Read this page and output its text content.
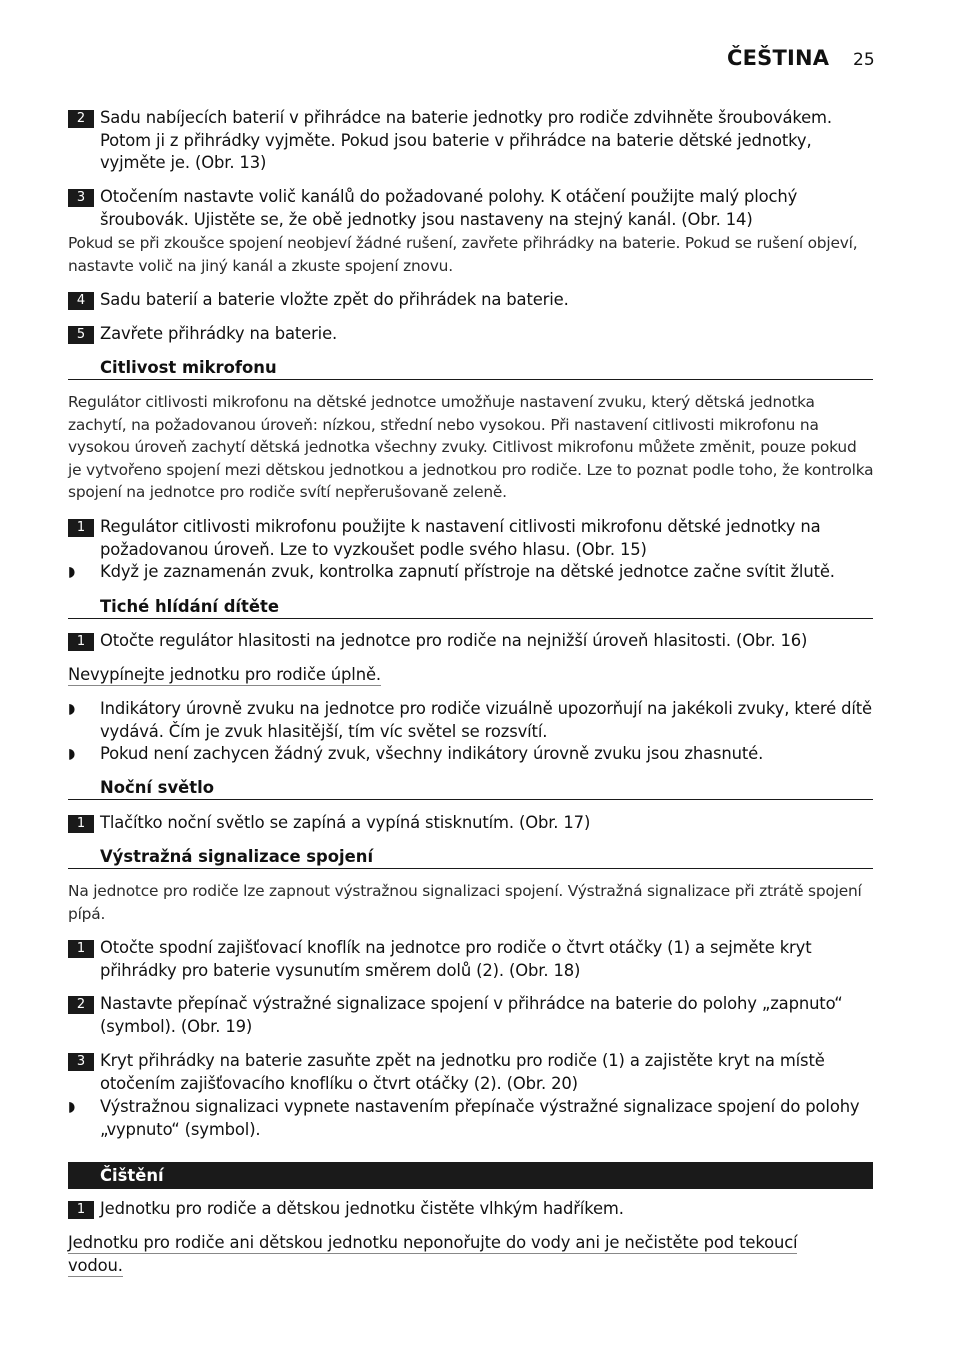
ČEŠTINA 25
2 Sadu nabíjecích baterií v přihrádce na baterie jednotky pro rodiče zdvihněte šroubovákem. Potom ji z přihrádky vyjměte. Pokud jsou baterie v přihrádce na baterie dětské jednotky, vyjměte je. (Obr. 13)
3 Otočením nastavte volič kanálů do požadované polohy. K otáčení použijte malý plochý šroubovák. Ujistěte se, že obě jednotky jsou nastaveny na stejný kanál. (Obr. 14)
Pokud se při zkoušce spojení neobjeví žádné rušení, zavřete přihrádky na baterie. Pokud se rušení objeví, nastavte volič na jiný kanál a zkuste spojení znovu.
4 Sadu baterií a baterie vložte zpět do přihrádek na baterie.
5 Zavřete přihrádky na baterie.
Citlivost mikrofonu
Regulátor citlivosti mikrofonu na dětské jednotce umožňuje nastavení zvuku, který dětská jednotka zachytí, na požadovanou úroveň: nízkou, střední nebo vysokou. Při nastavení citlivosti mikrofonu na vysokou úroveň zachytí dětská jednotka všechny zvuky. Citlivost mikrofonu můžete změnit, pouze pokud je vytvořeno spojení mezi dětskou jednotkou a jednotkou pro rodiče. Lze to poznat podle toho, že kontrolka spojení na jednotce pro rodiče svítí nepřerušovaně zeleně.
1 Regulátor citlivosti mikrofonu použijte k nastavení citlivosti mikrofonu dětské jednotky na požadovanou úroveň. Lze to vyzkoušet podle svého hlasu. (Obr. 15)
◗ Když je zaznamenán zvuk, kontrolka zapnutí přístroje na dětské jednotce začne svítit žlutě.
Tiché hlídání dítěte
1 Otočte regulátor hlasitosti na jednotce pro rodiče na nejnižší úroveň hlasitosti. (Obr. 16)
Nevypínejte jednotku pro rodiče úplně.
◗ Indikátory úrovně zvuku na jednotce pro rodiče vizuálně upozorňují na jakékoli zvuky, které dítě vydává. Čím je zvuk hlasitější, tím víc světel se rozsvítí.
◗ Pokud není zachycen žádný zvuk, všechny indikátory úrovně zvuku jsou zhasnuté.
Noční světlo
1 Tlačítko noční světlo se zapíná a vypíná stisknutím. (Obr. 17)
Výstražná signalizace spojení
Na jednotce pro rodiče lze zapnout výstražnou signalizaci spojení. Výstražná signalizace při ztrátě spojení pípá.
1 Otočte spodní zajišťovací knoflík na jednotce pro rodiče o čtvrt otáčky (1) a sejměte kryt přihrádky pro baterie vysunutím směrem dolů (2). (Obr. 18)
2 Nastavte přepínač výstražné signalizace spojení v přihrádce na baterie do polohy „zapnuto“ (symbol). (Obr. 19)
3 Kryt přihrádky na baterie zasuňte zpět na jednotku pro rodiče (1) a zajistěte kryt na místě otočením zajišťovacího knoflíku o čtvrt otáčky (2). (Obr. 20)
◗ Výstražnou signalizaci vypnete nastavením přepínače výstražné signalizace spojení do polohy „vypnuto“ (symbol).
Čištění
1 Jednotku pro rodiče a dětskou jednotku čistěte vlhkým hadříkem.
Jednotku pro rodiče ani dětskou jednotku neponořujte do vody ani je nečistěte pod tekoucí vodou.
